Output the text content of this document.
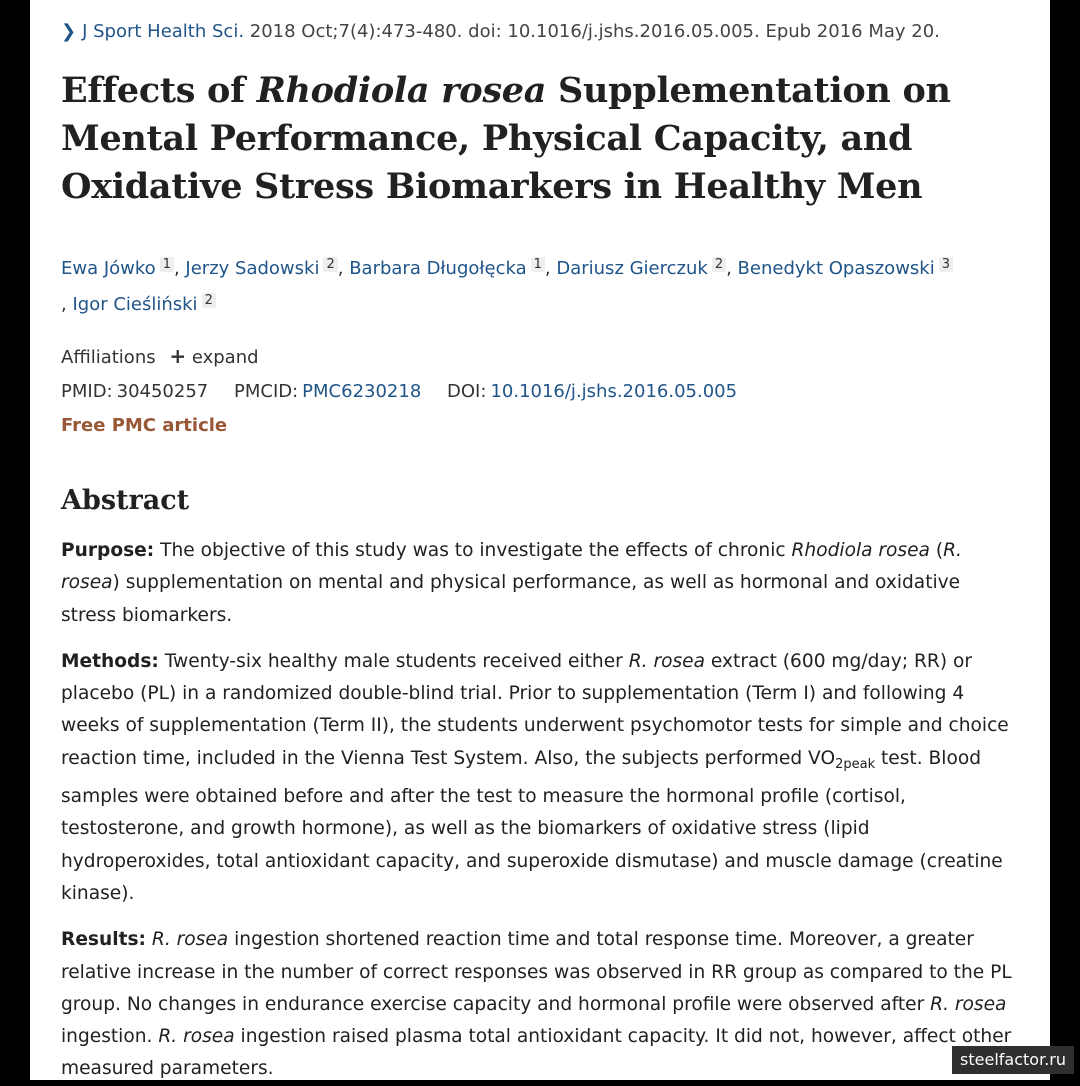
❯ J Sport Health Sci. 2018 Oct;7(4):473-480. doi: 10.1016/j.jshs.2016.05.005. Epub 2016 May 20.
Effects of Rhodiola rosea Supplementation on Mental Performance, Physical Capacity, and Oxidative Stress Biomarkers in Healthy Men
Ewa Jówko $^1$ , Jerzy Sadowski $^2$ , Barbara Długołęcka $^1$ , Dariusz Gierczuk $^2$ , Benedykt Opaszowski $^3$
, Igor Cieśliński $^2$
Affiliations + expand
PMID: 30450257 PMCID: PMC6230218 DOI: 10.1016/j.jshs.2016.05.005
Free PMC article
Abstract
Purpose: The objective of this study was to investigate the effects of chronic Rhodiola rosea (R. rosea) supplementation on mental and physical performance, as well as hormonal and oxidative stress biomarkers.
Methods: Twenty-six healthy male students received either R. rosea extract (600 mg/day; RR) or placebo (PL) in a randomized double-blind trial. Prior to supplementation (Term I) and following 4 weeks of supplementation (Term II), the students underwent psychomotor tests for simple and choice reaction time, included in the Vienna Test System. Also, the subjects performed $VO_{2peak}$ test. Blood samples were obtained before and after the test to measure the hormonal profile (cortisol, testosterone, and growth hormone), as well as the biomarkers of oxidative stress (lipid hydroperoxides, total antioxidant capacity, and superoxide dismutase) and muscle damage (creatine kinase).
Results: R. rosea ingestion shortened reaction time and total response time. Moreover, a greater relative increase in the number of correct responses was observed in RR group as compared to the PL group. No changes in endurance exercise capacity and hormonal profile were observed after R. rosea ingestion. R. rosea ingestion raised plasma total antioxidant capacity. It did not, however, affect other measured parameters.	steelfactor.ru
